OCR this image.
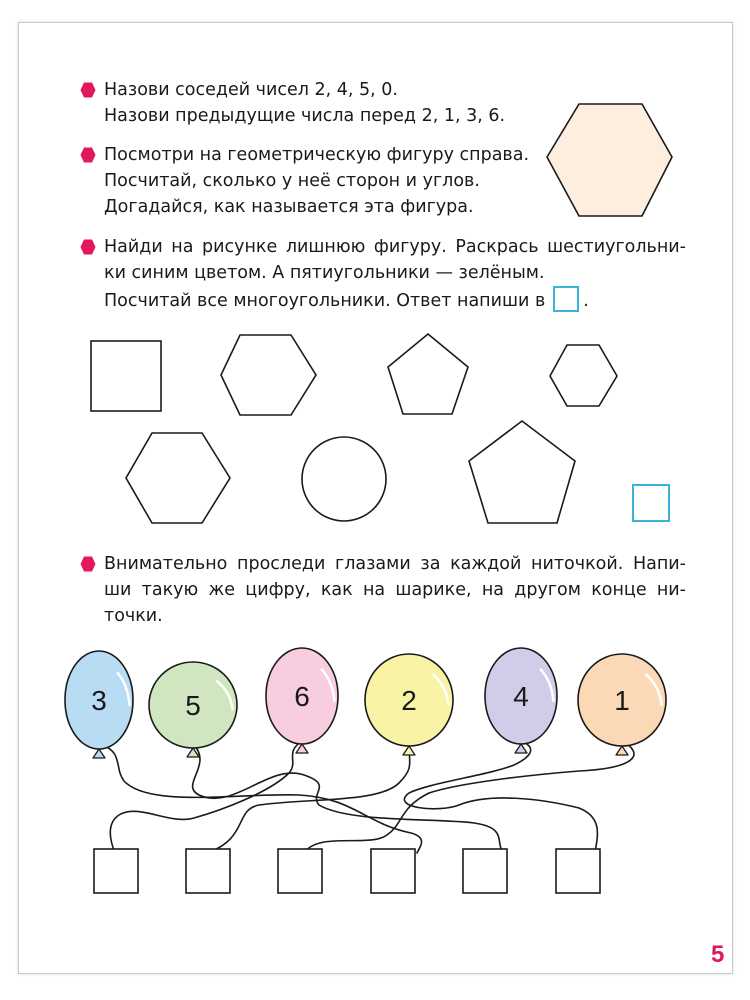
Назови соседей чисел 2, 4, 5, 0.
Назови предыдущие числа перед 2, 1, 3, 6.
Посмотри на геометрическую фигуру справа.
Посчитай, сколько у неё сторон и углов.
Догадайся, как называется эта фигура.
Найди на рисунке лишнюю фигуру. Раскрась шестиугольни-
ки синим цветом. А пятиугольники — зелёным.
Посчитай все многоугольники. Ответ напиши в .
Внимательно проследи глазами за каждой ниточкой. Напи-
ши такую же цифру, как на шарике, на другом конце ни-
точки.
3	5	6	2	4	1
5
